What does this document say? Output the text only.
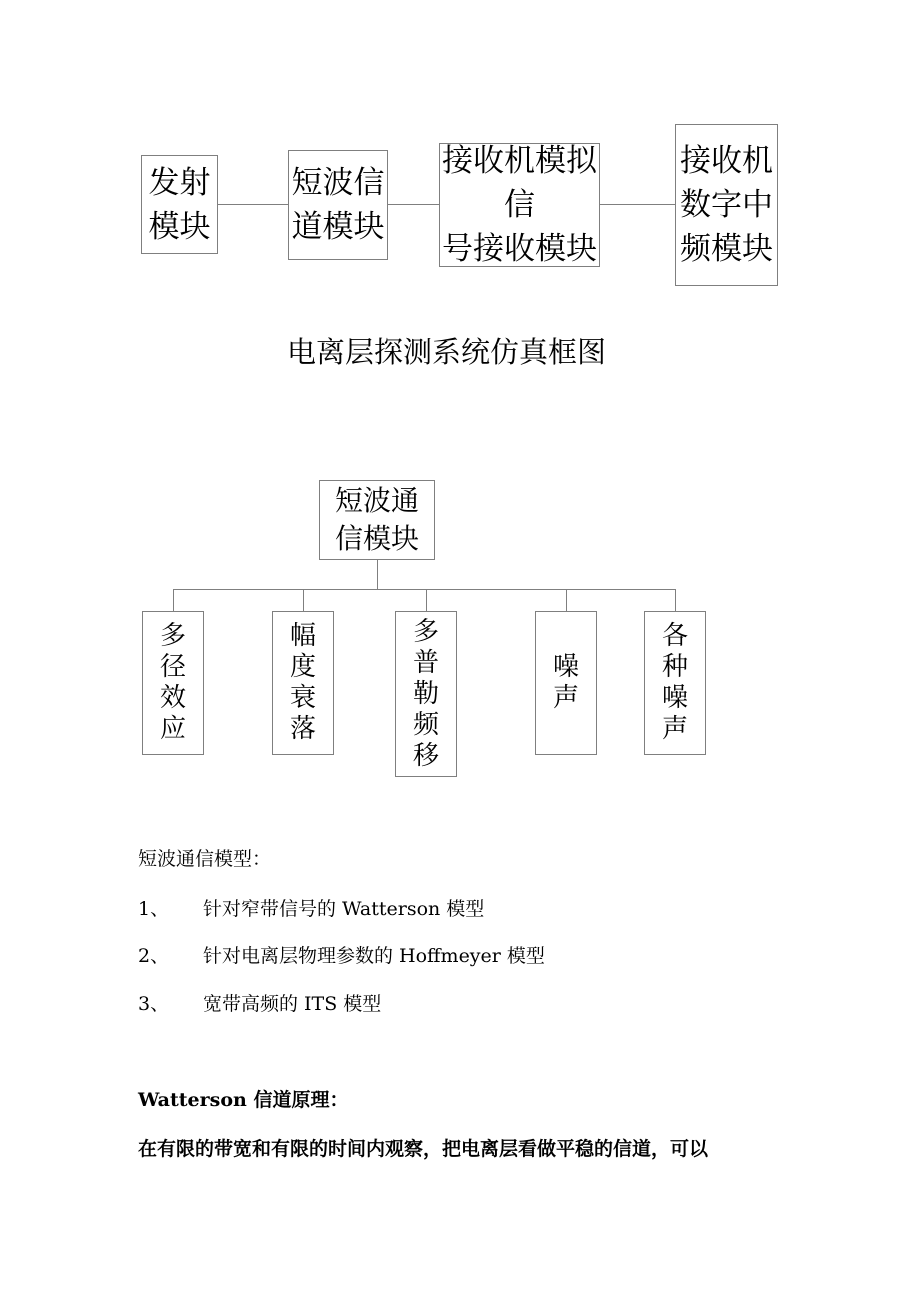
发射
模块
短波信
道模块
接收机模拟信
号接收模块
接收机
数字中
频模块
电离层探测系统仿真框图
短波通
信模块
多
径
效
应
幅
度
衰
落
多
普
勒
频
移
噪
声
各
种
噪
声
短波通信模型：
1、 针对窄带信号的 Watterson 模型
2、 针对电离层物理参数的 Hoffmeyer 模型
3、 宽带高频的 ITS 模型
Watterson 信道原理：
在有限的带宽和有限的时间内观察，把电离层看做平稳的信道，可以
